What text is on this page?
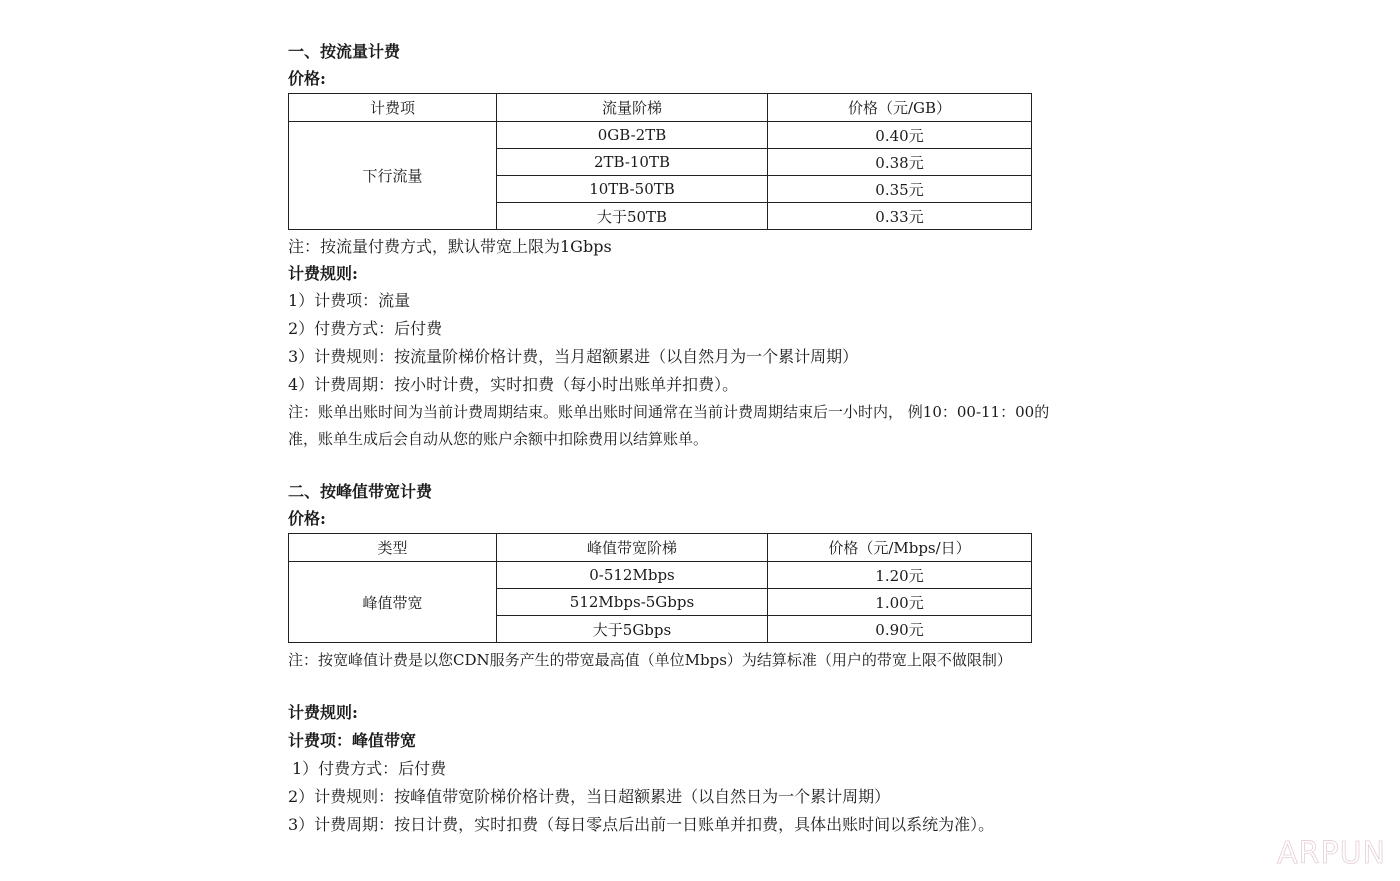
一、按流量计费
价格:
计费项	流量阶梯	价格（元/GB）
下行流量	0GB-2TB	0.40元
	2TB-10TB	0.38元
	10TB-50TB	0.35元
	大于50TB	0.33元
注：按流量付费方式，默认带宽上限为1Gbps
计费规则:
1）计费项：流量
2）付费方式：后付费
3）计费规则：按流量阶梯价格计费，当月超额累进（以自然月为一个累计周期）
4）计费周期：按小时计费，实时扣费（每小时出账单并扣费）。
注：账单出账时间为当前计费周期结束。账单出账时间通常在当前计费周期结束后一小时内， 例10：00-11：00的
准，账单生成后会自动从您的账户余额中扣除费用以结算账单。
二、按峰值带宽计费
价格:
类型	峰值带宽阶梯	价格（元/Mbps/日）
峰值带宽	0-512Mbps	1.20元
	512Mbps-5Gbps	1.00元
	大于5Gbps	0.90元
注：按宽峰值计费是以您CDN服务产生的带宽最高值（单位Mbps）为结算标准（用户的带宽上限不做限制）
计费规则:
计费项：峰值带宽
1）付费方式：后付费
2）计费规则：按峰值带宽阶梯价格计费，当日超额累进（以自然日为一个累计周期）
3）计费周期：按日计费，实时扣费（每日零点后出前一日账单并扣费，具体出账时间以系统为准）。
ARPUN
